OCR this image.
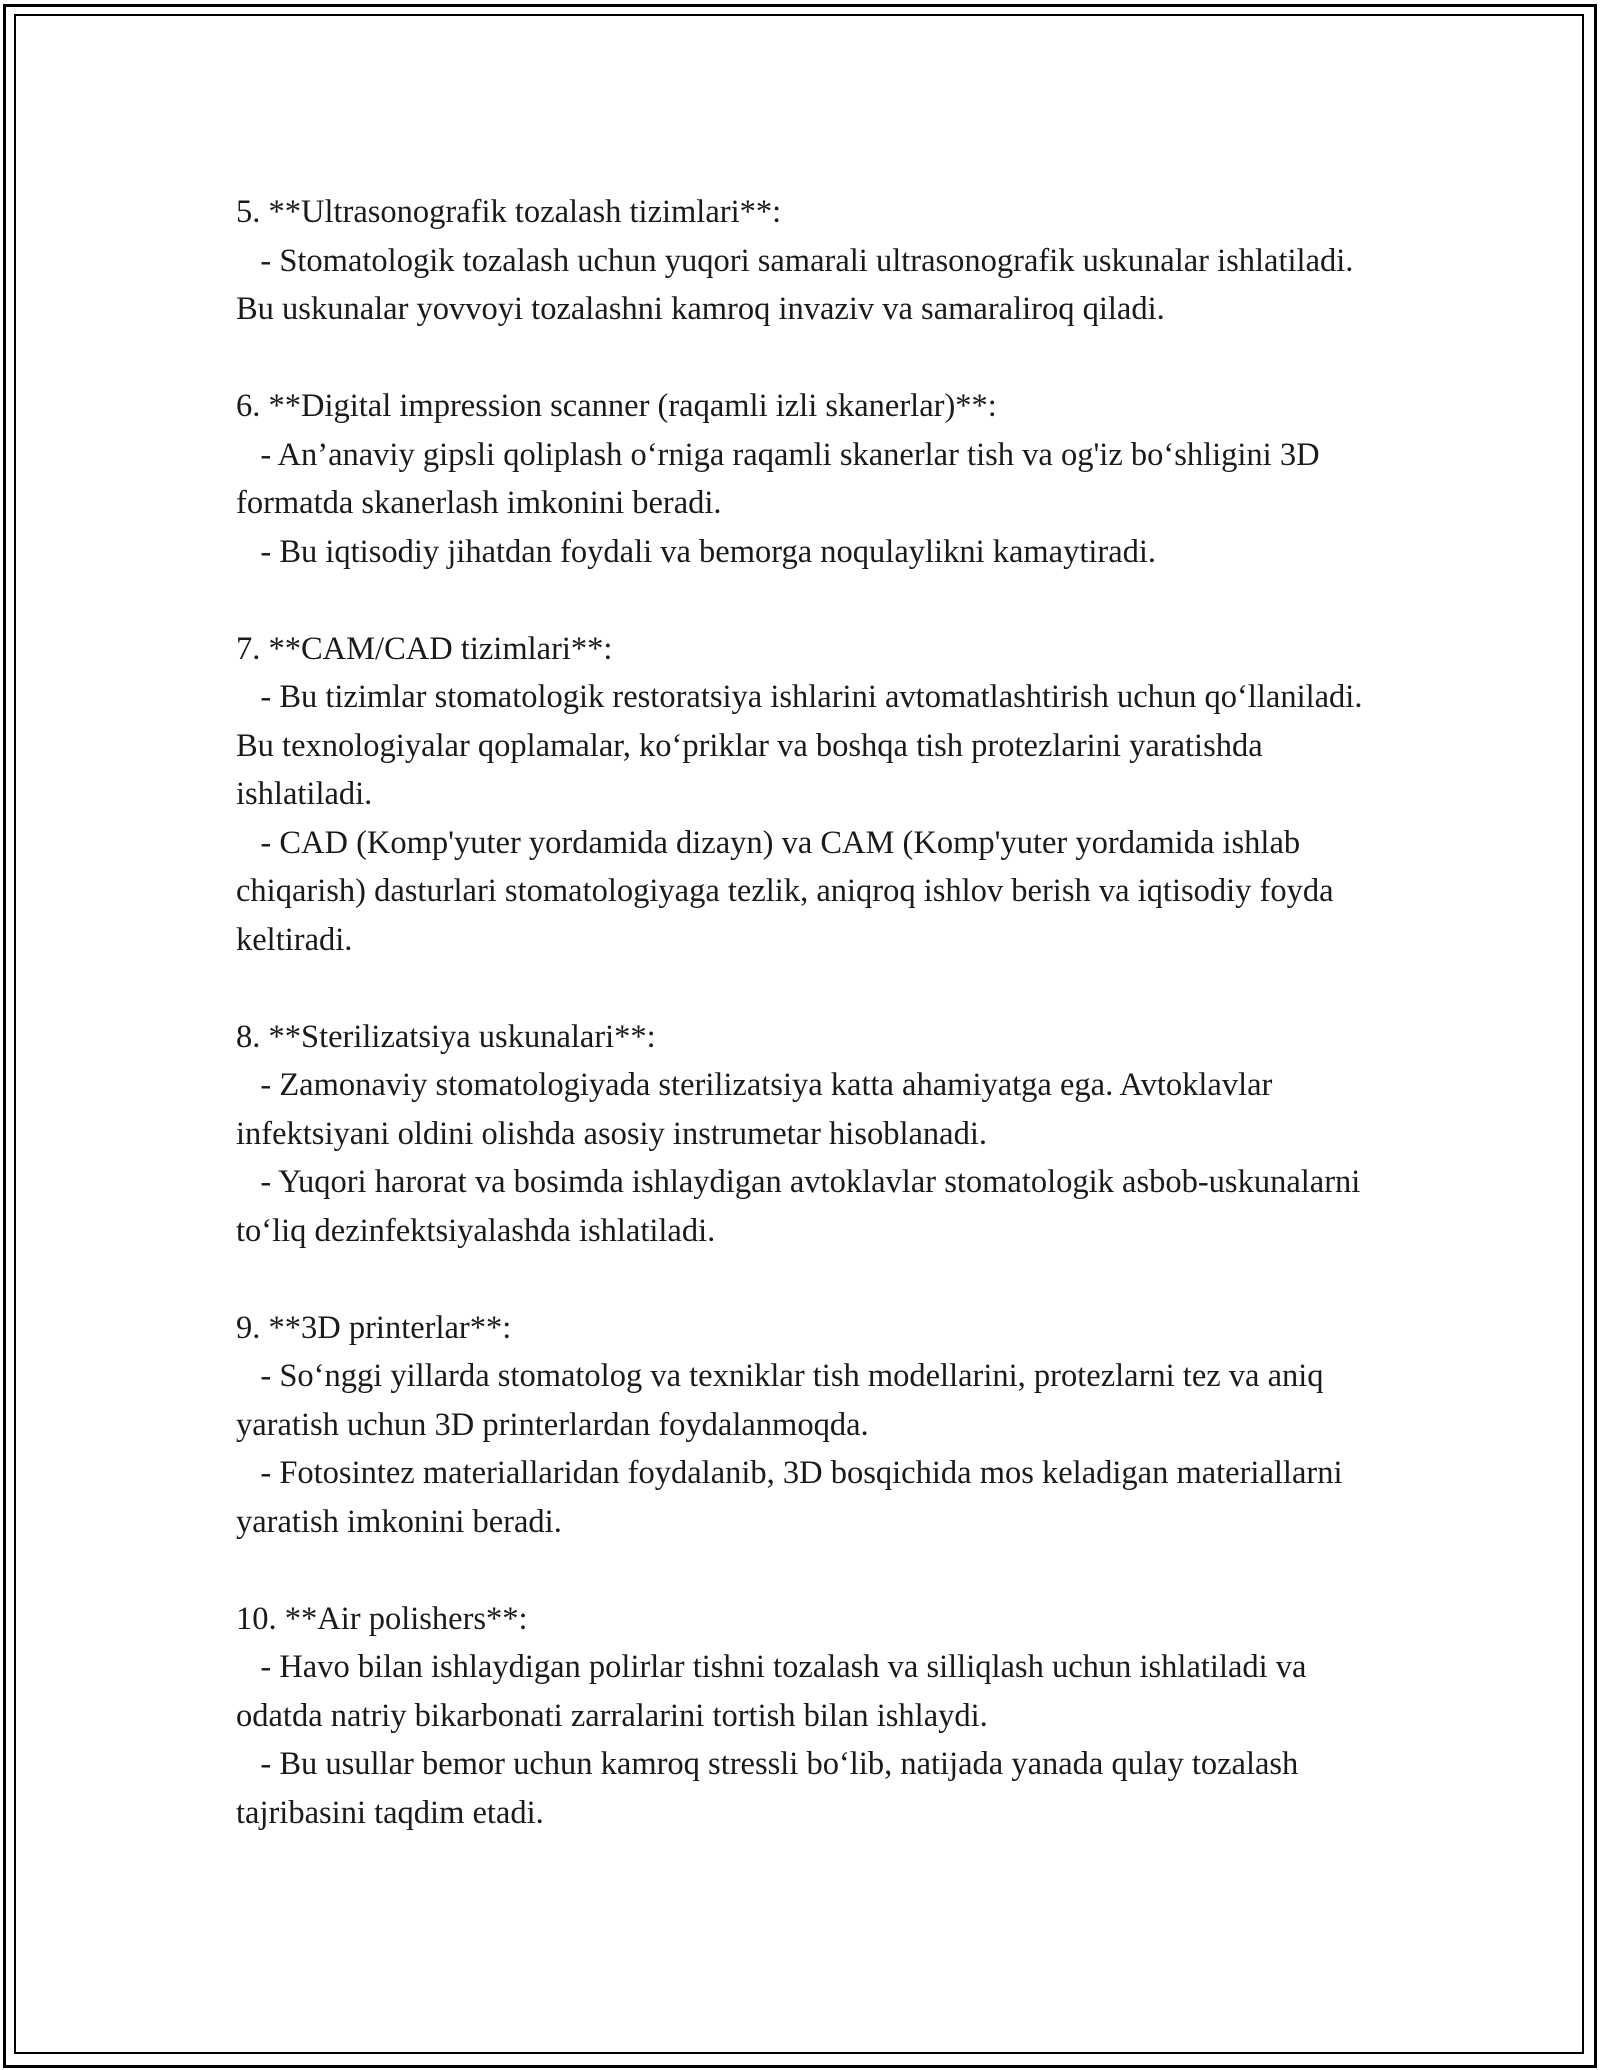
5. **Ultrasonografik tozalash tizimlari**:

- Stomatologik tozalash uchun yuqori samarali ultrasonografik uskunalar ishlatiladi. Bu uskunalar yovvoyi tozalashni kamroq invaziv va samaraliroq qiladi.

6. **Digital impression scanner (raqamli izli skanerlar)**:

- An’anaviy gipsli qoliplash o‘rniga raqamli skanerlar tish va og'iz bo‘shligini 3D formatda skanerlash imkonini beradi.

- Bu iqtisodiy jihatdan foydali va bemorga noqulaylikni kamaytiradi.

7. **CAM/CAD tizimlari**:

- Bu tizimlar stomatologik restoratsiya ishlarini avtomatlashtirish uchun qo‘llaniladi. Bu texnologiyalar qoplamalar, ko‘priklar va boshqa tish protezlarini yaratishda ishlatiladi.

- CAD (Komp'yuter yordamida dizayn) va CAM (Komp'yuter yordamida ishlab chiqarish) dasturlari stomatologiyaga tezlik, aniqroq ishlov berish va iqtisodiy foyda keltiradi.

8. **Sterilizatsiya uskunalari**:

- Zamonaviy stomatologiyada sterilizatsiya katta ahamiyatga ega. Avtoklavlar infektsiyani oldini olishda asosiy instrumetar hisoblanadi.

- Yuqori harorat va bosimda ishlaydigan avtoklavlar stomatologik asbob-uskunalarni to‘liq dezinfektsiyalashda ishlatiladi.

9. **3D printerlar**:

- So‘nggi yillarda stomatolog va texniklar tish modellarini, protezlarni tez va aniq yaratish uchun 3D printerlardan foydalanmoqda.

- Fotosintez materiallaridan foydalanib, 3D bosqichida mos keladigan materiallarni yaratish imkonini beradi.

10. **Air polishers**:

- Havo bilan ishlaydigan polirlar tishni tozalash va silliqlash uchun ishlatiladi va odatda natriy bikarbonati zarralarini tortish bilan ishlaydi.

- Bu usullar bemor uchun kamroq stressli bo‘lib, natijada yanada qulay tozalash tajribasini taqdim etadi.
